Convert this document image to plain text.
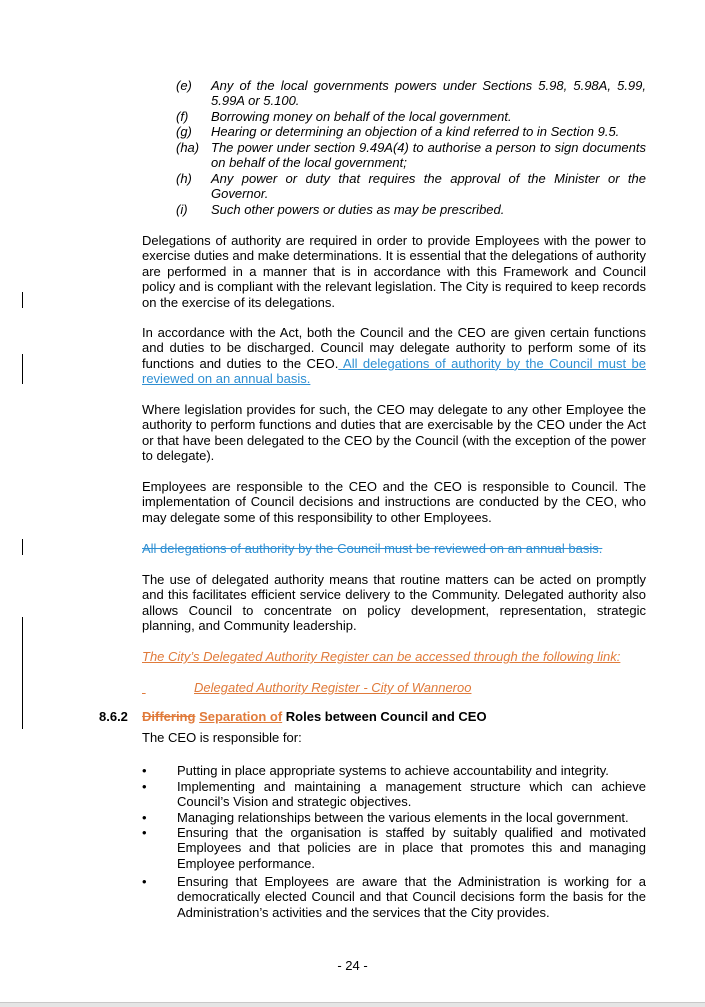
(e) Any of the local governments powers under Sections 5.98, 5.98A, 5.99, 5.99A or 5.100.
(f) Borrowing money on behalf of the local government.
(g) Hearing or determining an objection of a kind referred to in Section 9.5.
(ha) The power under section 9.49A(4) to authorise a person to sign documents on behalf of the local government;
(h) Any power or duty that requires the approval of the Minister or the Governor.
(i) Such other powers or duties as may be prescribed.

Delegations of authority are required in order to provide Employees with the power to exercise duties and make determinations. It is essential that the delegations of authority are performed in a manner that is in accordance with this Framework and Council policy and is compliant with the relevant legislation. The City is required to keep records on the exercise of its delegations.

In accordance with the Act, both the Council and the CEO are given certain functions and duties to be discharged. Council may delegate authority to perform some of its functions and duties to the CEO. All delegations of authority by the Council must be reviewed on an annual basis.

Where legislation provides for such, the CEO may delegate to any other Employee the authority to perform functions and duties that are exercisable by the CEO under the Act or that have been delegated to the CEO by the Council (with the exception of the power to delegate).

Employees are responsible to the CEO and the CEO is responsible to Council. The implementation of Council decisions and instructions are conducted by the CEO, who may delegate some of this responsibility to other Employees.

All delegations of authority by the Council must be reviewed on an annual basis.

The use of delegated authority means that routine matters can be acted on promptly and this facilitates efficient service delivery to the Community. Delegated authority also allows Council to concentrate on policy development, representation, strategic planning, and Community leadership.

The City’s Delegated Authority Register can be accessed through the following link:

Delegated Authority Register - City of Wanneroo

8.6.2 Differing Separation of Roles between Council and CEO

The CEO is responsible for:

• Putting in place appropriate systems to achieve accountability and integrity.
• Implementing and maintaining a management structure which can achieve Council’s Vision and strategic objectives.
• Managing relationships between the various elements in the local government.
• Ensuring that the organisation is staffed by suitably qualified and motivated Employees and that policies are in place that promotes this and managing Employee performance.
• Ensuring that Employees are aware that the Administration is working for a democratically elected Council and that Council decisions form the basis for the Administration’s activities and the services that the City provides.
- 24 -
